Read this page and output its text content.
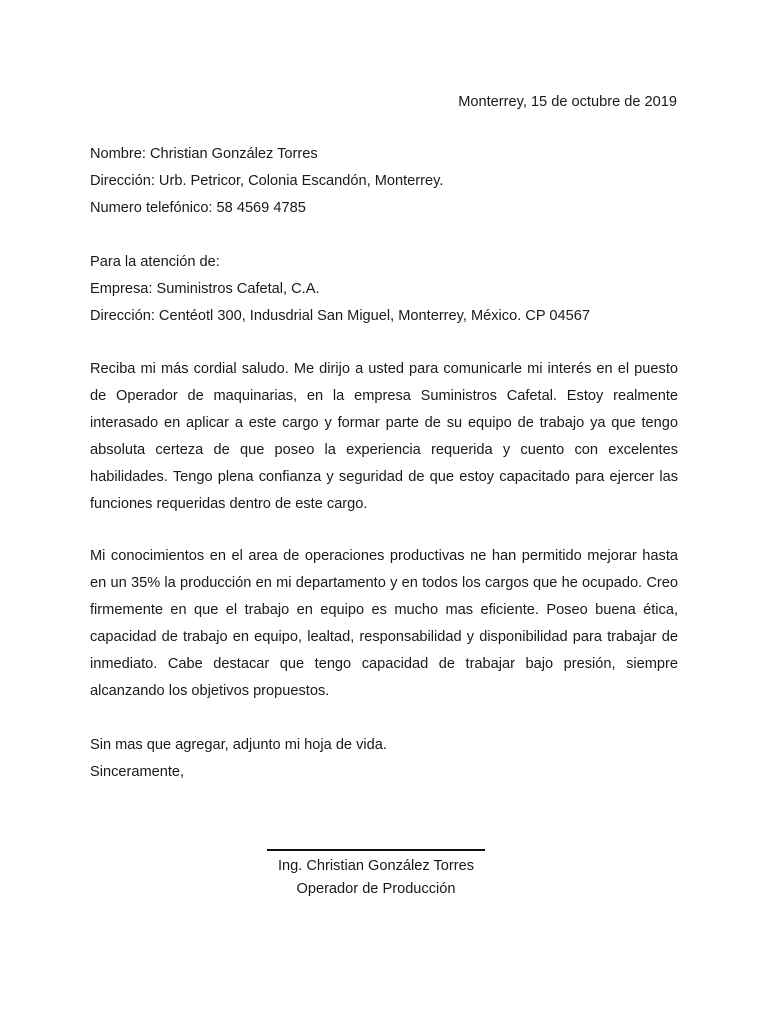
Monterrey, 15 de octubre de 2019
Nombre: Christian González Torres
Dirección: Urb. Petricor, Colonia Escandón, Monterrey.
Numero telefónico: 58 4569 4785
Para la atención de:
Empresa: Suministros Cafetal, C.A.
Dirección: Centéotl 300, Indusdrial San Miguel, Monterrey, México. CP 04567

Reciba mi más cordial saludo. Me dirijo a usted para comunicarle mi interés en el puesto de Operador de maquinarias, en la empresa Suministros Cafetal. Estoy realmente interasado en aplicar a este cargo y formar parte de su equipo de trabajo ya que tengo absoluta certeza de que poseo la experiencia requerida y cuento con excelentes habilidades. Tengo plena confianza y seguridad de que estoy capacitado para ejercer las funciones requeridas dentro de este cargo.

Mi conocimientos en el area de operaciones productivas ne han permitido mejorar hasta en un 35% la producción en mi departamento y en todos los cargos que he ocupado. Creo firmemente en que el trabajo en equipo es mucho mas eficiente. Poseo buena ética, capacidad de trabajo en equipo, lealtad, responsabilidad y disponibilidad para trabajar de inmediato. Cabe destacar que tengo capacidad de trabajar bajo presión, siempre alcanzando los objetivos propuestos.

Sin mas que agregar, adjunto mi hoja de vida.
Sinceramente,
Ing. Christian González Torres
Operador de Producción
